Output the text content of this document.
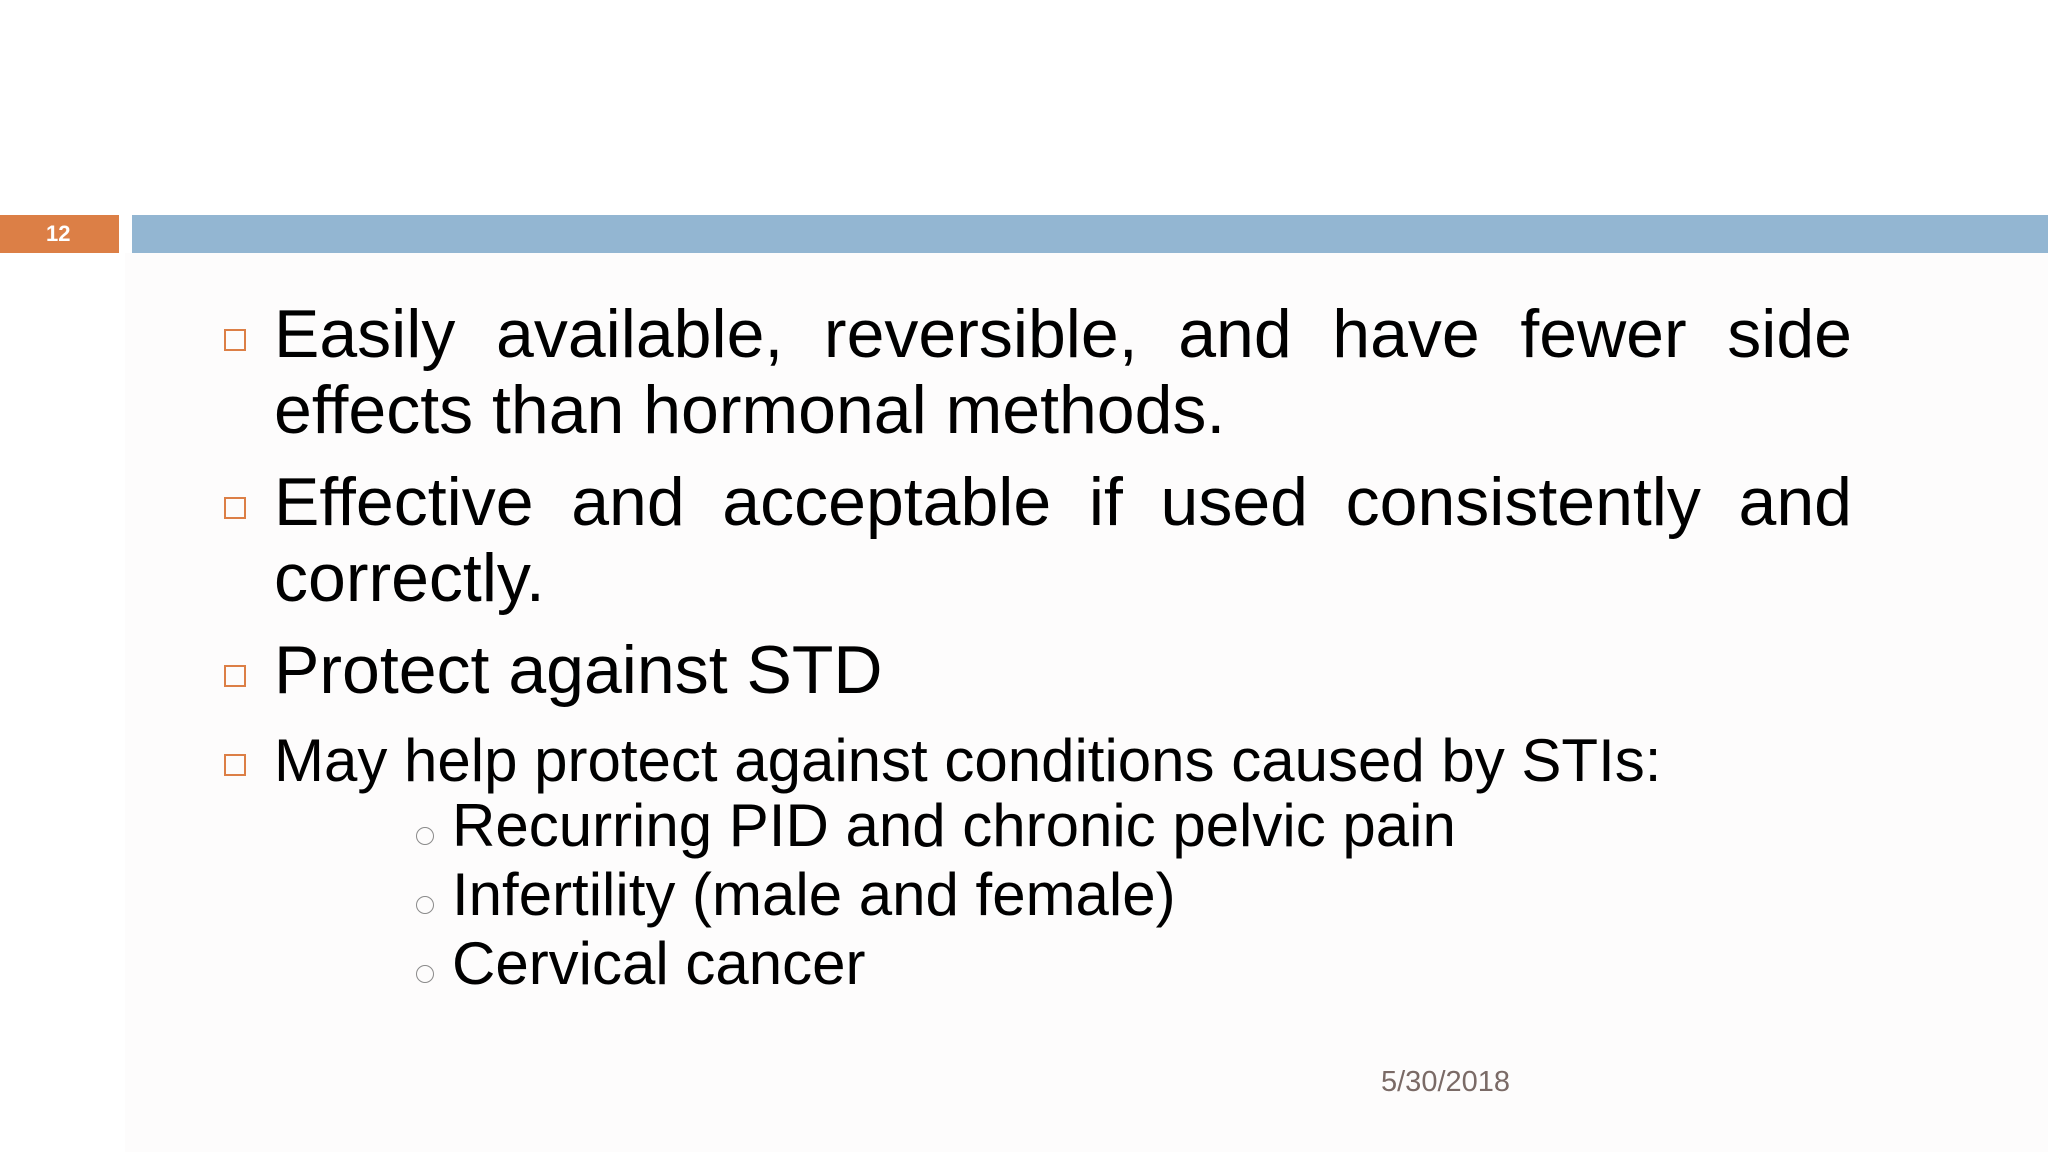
12
Easily available, reversible, and have fewer side effects than hormonal methods.
Effective and acceptable if used consistently and correctly.
Protect against STD
May help protect against conditions caused by STIs:
Recurring PID and chronic pelvic pain
Infertility (male and female)
Cervical cancer
5/30/2018
